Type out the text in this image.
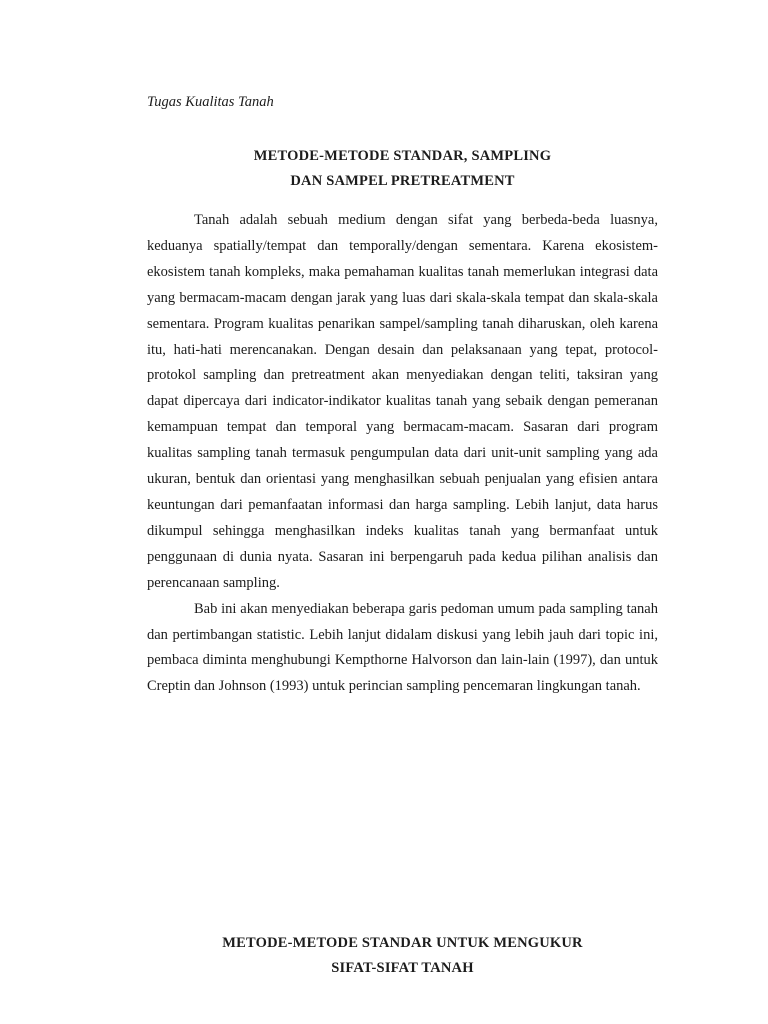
Tugas Kualitas Tanah
METODE-METODE STANDAR, SAMPLING
DAN SAMPEL PRETREATMENT

Tanah adalah sebuah medium dengan sifat yang berbeda-beda luasnya, keduanya spatially/tempat dan temporally/dengan sementara. Karena ekosistem-ekosistem tanah kompleks, maka pemahaman kualitas tanah memerlukan integrasi data yang bermacam-macam dengan jarak yang luas dari skala-skala tempat dan skala-skala sementara. Program kualitas penarikan sampel/sampling tanah diharuskan, oleh karena itu, hati-hati merencanakan. Dengan desain dan pelaksanaan yang tepat, protocol-protokol sampling dan pretreatment akan menyediakan dengan teliti, taksiran yang dapat dipercaya dari indicator-indikator kualitas tanah yang sebaik dengan pemeranan kemampuan tempat dan temporal yang bermacam-macam. Sasaran dari program kualitas sampling tanah termasuk pengumpulan data dari unit-unit sampling yang ada ukuran, bentuk dan orientasi yang menghasilkan sebuah penjualan yang efisien antara keuntungan dari pemanfaatan informasi dan harga sampling. Lebih lanjut, data harus dikumpul sehingga menghasilkan indeks kualitas tanah yang bermanfaat untuk penggunaan di dunia nyata. Sasaran ini berpengaruh pada kedua pilihan analisis dan perencanaan sampling.

Bab ini akan menyediakan beberapa garis pedoman umum pada sampling tanah dan pertimbangan statistic. Lebih lanjut didalam diskusi yang lebih jauh dari topic ini, pembaca diminta menghubungi Kempthorne Halvorson dan lain-lain (1997), dan untuk Creptin dan Johnson (1993) untuk perincian sampling pencemaran lingkungan tanah.

METODE-METODE STANDAR UNTUK MENGUKUR
SIFAT-SIFAT TANAH
